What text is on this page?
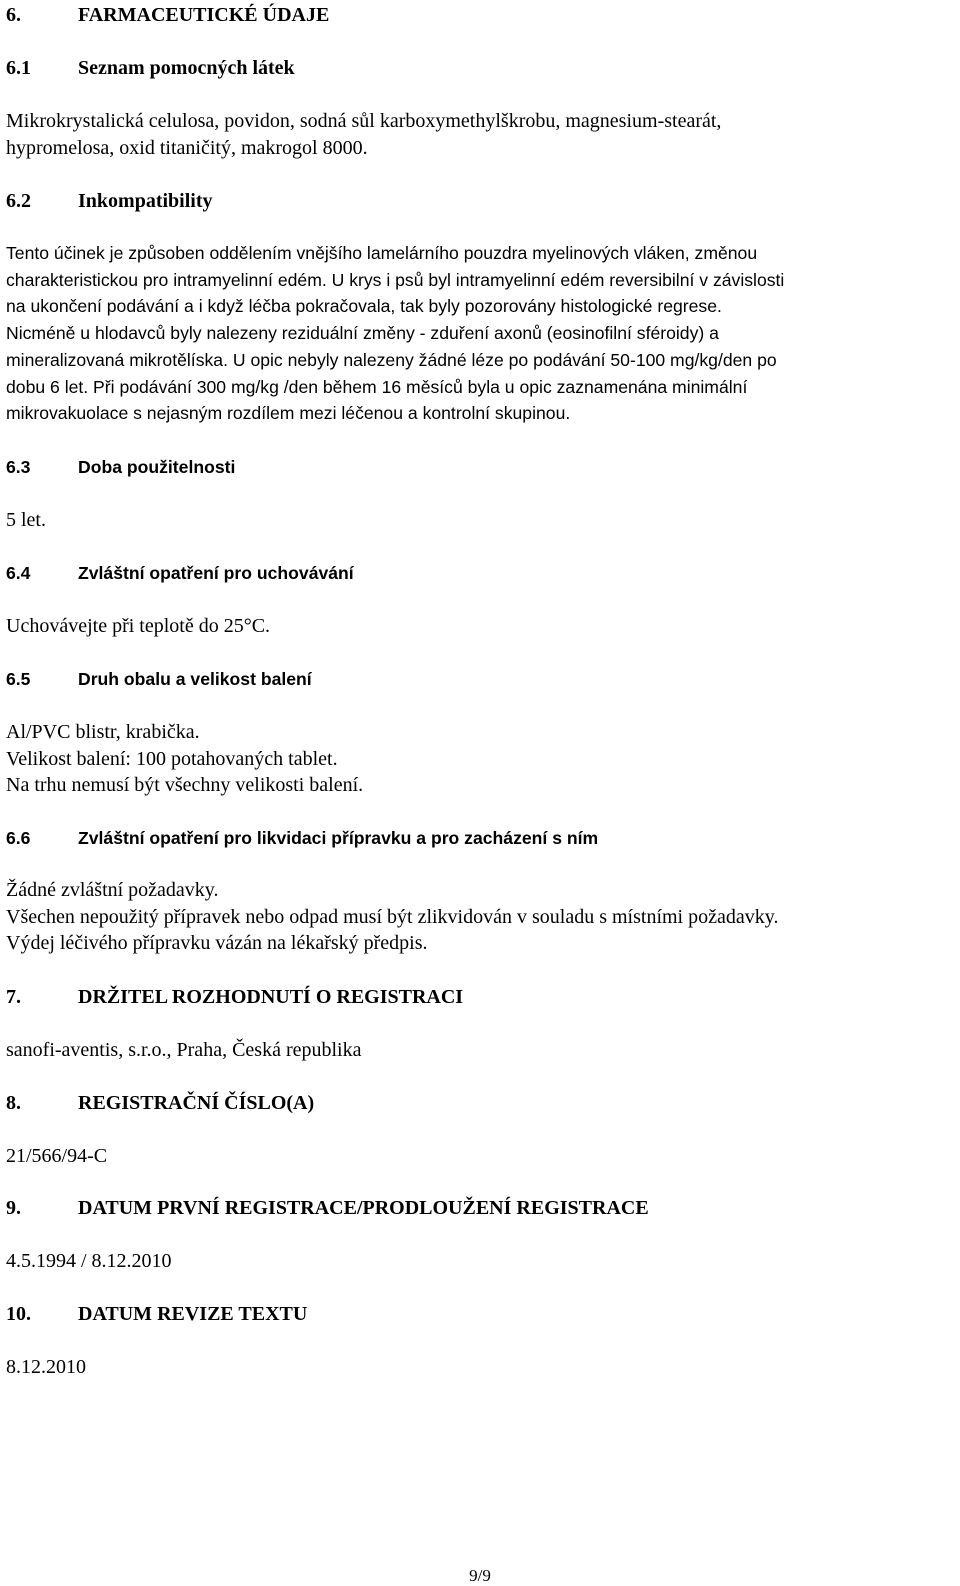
6.	FARMACEUTICKÉ ÚDAJE
6.1 Seznam pomocných látek
Mikrokrystalická celulosa, povidon, sodná sůl karboxymethylškrobu, magnesium-stearát,
hypromelosa, oxid titaničitý, makrogol 8000.
6.2 Inkompatibility
Tento účinek je způsoben oddělením vnějšího lamelárního pouzdra myelinových vláken, změnou
charakteristickou pro intramyelinní edém. U krys i psů byl intramyelinní edém reversibilní v závislosti
na ukončení podávání a i když léčba pokračovala, tak byly pozorovány histologické regrese.
Nicméně u hlodavců byly nalezeny reziduální změny - zduření axonů (eosinofilní sféroidy) a
mineralizovaná mikrotělíska. U opic nebyly nalezeny žádné léze po podávání 50-100 mg/kg/den po
dobu 6 let. Při podávání 300 mg/kg /den během 16 měsíců byla u opic zaznamenána minimální
mikrovakuolace s nejasným rozdílem mezi léčenou a kontrolní skupinou.
6.3	Doba použitelnosti
5 let.
6.4	Zvláštní opatření pro uchovávání
Uchovávejte při teplotě do 25°C.
6.5	Druh obalu a velikost balení
Al/PVC blistr, krabička.
Velikost balení: 100 potahovaných tablet.
Na trhu nemusí být všechny velikosti balení.
6.6	Zvláštní opatření pro likvidaci přípravku a pro zacházení s ním
Žádné zvláštní požadavky.
Všechen nepoužitý přípravek nebo odpad musí být zlikvidován v souladu s místními požadavky.
Výdej léčivého přípravku vázán na lékařský předpis.
7.	DRŽITEL ROZHODNUTÍ O REGISTRACI
sanofi-aventis, s.r.o., Praha, Česká republika
8.	REGISTRAČNÍ ČÍSLO(A)
21/566/94-C
9.	DATUM PRVNÍ REGISTRACE/PRODLOUŽENÍ REGISTRACE
4.5.1994 / 8.12.2010
10. DATUM REVIZE TEXTU
8.12.2010
9/9
